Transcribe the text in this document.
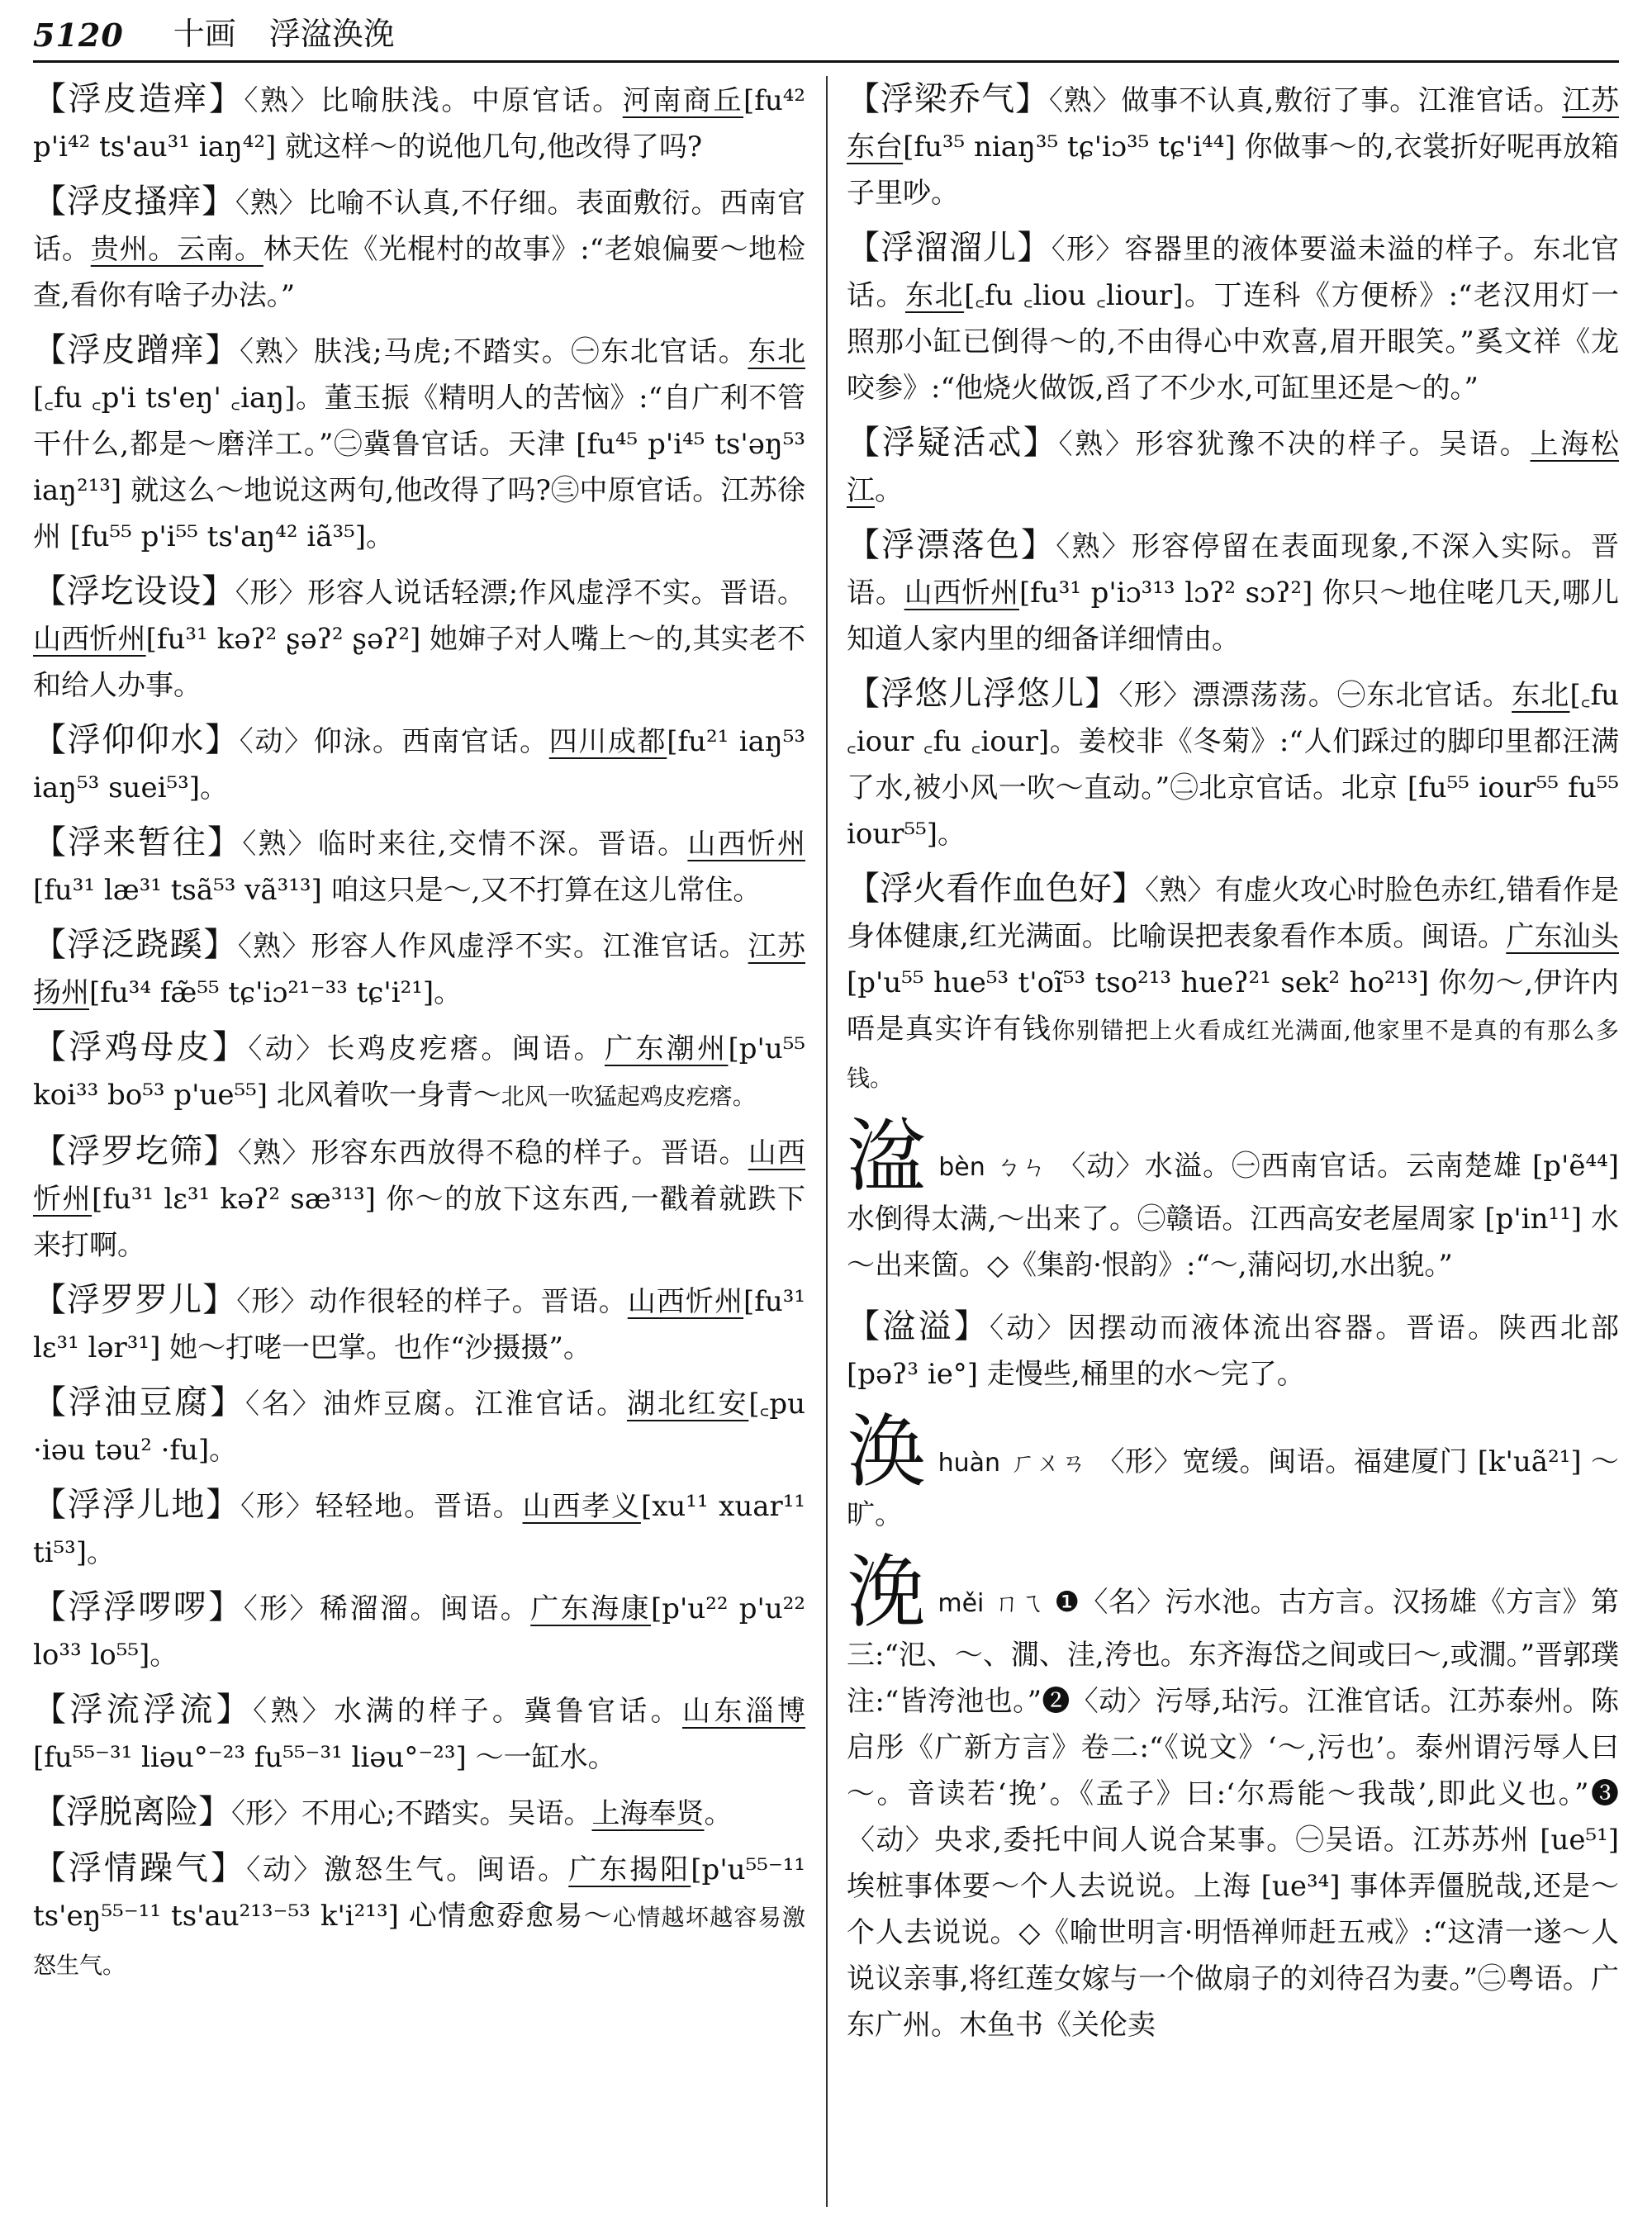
5120 十画 浮湓涣浼
【浮皮造痒】〈熟〉比喻肤浅。中原官话。河南商丘[fu⁴² p'i⁴² ts'au³¹ iaŋ⁴²] 就这样～的说他几句,他改得了吗?
【浮皮搔痒】〈熟〉比喻不认真,不仔细。表面敷衍。西南官话。贵州。云南。林天佐《光棍村的故事》:“老娘偏要～地检查,看你有啥子办法。”
【浮皮蹭痒】〈熟〉肤浅;马虎;不踏实。㊀东北官话。东北[꜀fu ꜀p'i ts'eŋ' ꜀iaŋ]。董玉振《精明人的苦恼》:“自广利不管干什么,都是～磨洋工。”㊁冀鲁官话。天津 [fu⁴⁵ p'i⁴⁵ ts'əŋ⁵³ iaŋ²¹³] 就这么～地说这两句,他改得了吗?㊂中原官话。江苏徐州 [fu⁵⁵ p'i⁵⁵ ts'aŋ⁴² iã³⁵]。
【浮圪设设】〈形〉形容人说话轻漂;作风虚浮不实。晋语。山西忻州[fu³¹ kəʔ² ʂəʔ² ʂəʔ²] 她婶子对人嘴上～的,其实老不和给人办事。
【浮仰仰水】〈动〉仰泳。西南官话。四川成都[fu²¹ iaŋ⁵³ iaŋ⁵³ suei⁵³]。
【浮来暂往】〈熟〉临时来往,交情不深。晋语。山西忻州[fu³¹ læ³¹ tsã⁵³ vã³¹³] 咱这只是～,又不打算在这儿常住。
【浮泛跷蹊】〈熟〉形容人作风虚浮不实。江淮官话。江苏扬州[fu³⁴ fæ̃⁵⁵ tɕ'iɔ²¹⁻³³ tɕ'i²¹]。
【浮鸡母皮】〈动〉长鸡皮疙瘩。闽语。广东潮州[p'u⁵⁵ koi³³ bo⁵³ p'ue⁵⁵] 北风着吹一身青～北风一吹猛起鸡皮疙瘩。
【浮罗圪筛】〈熟〉形容东西放得不稳的样子。晋语。山西忻州[fu³¹ lɛ³¹ kəʔ² sæ³¹³] 你～的放下这东西,一戳着就跌下来打啊。
【浮罗罗儿】〈形〉动作很轻的样子。晋语。山西忻州[fu³¹ lɛ³¹ lər³¹] 她～打咾一巴掌。也作“沙摄摄”。
【浮油豆腐】〈名〉油炸豆腐。江淮官话。湖北红安[꜀pu ·iəu təu² ·fu]。
【浮浮儿地】〈形〉轻轻地。晋语。山西孝义[xu¹¹ xuar¹¹ ti⁵³]。
【浮浮啰啰】〈形〉稀溜溜。闽语。广东海康[p'u²² p'u²² lo³³ lo⁵⁵]。
【浮流浮流】〈熟〉水满的样子。冀鲁官话。山东淄博[fu⁵⁵⁻³¹ liəu°⁻²³ fu⁵⁵⁻³¹ liəu°⁻²³] ～一缸水。
【浮脱离险】〈形〉不用心;不踏实。吴语。上海奉贤。
【浮情躁气】〈动〉激怒生气。闽语。广东揭阳[p'u⁵⁵⁻¹¹ ts'eŋ⁵⁵⁻¹¹ ts'au²¹³⁻⁵³ k'i²¹³] 心情愈孬愈易～心情越坏越容易激怒生气。
【浮梁乔气】〈熟〉做事不认真,敷衍了事。江淮官话。江苏东台[fu³⁵ niaŋ³⁵ tɕ'iɔ³⁵ tɕ'i⁴⁴] 你做事～的,衣裳折好呢再放箱子里吵。
【浮溜溜儿】〈形〉容器里的液体要溢未溢的样子。东北官话。东北[꜀fu ꜀liou ꜀liour]。丁连科《方便桥》:“老汉用灯一照那小缸已倒得～的,不由得心中欢喜,眉开眼笑。”奚文祥《龙咬参》:“他烧火做饭,舀了不少水,可缸里还是～的。”
【浮疑活忒】〈熟〉形容犹豫不决的样子。吴语。上海松江。
【浮漂落色】〈熟〉形容停留在表面现象,不深入实际。晋语。山西忻州[fu³¹ p'iɔ³¹³ lɔʔ² sɔʔ²] 你只～地住咾几天,哪儿知道人家内里的细备详细情由。
【浮悠儿浮悠儿】〈形〉漂漂荡荡。㊀东北官话。东北[꜀fu ꜀iour ꜀fu ꜀iour]。姜校非《冬菊》:“人们踩过的脚印里都汪满了水,被小风一吹～直动。”㊁北京官话。北京 [fu⁵⁵ iour⁵⁵ fu⁵⁵ iour⁵⁵]。
【浮火看作血色好】〈熟〉有虚火攻心时脸色赤红,错看作是身体健康,红光满面。比喻误把表象看作本质。闽语。广东汕头[p'u⁵⁵ hue⁵³ t'oĩ⁵³ tso²¹³ hueʔ²¹ sek² ho²¹³] 你勿～,伊许内唔是真实许有钱你别错把上火看成红光满面,他家里不是真的有那么多钱。
湓bèn ㄅㄣ 〈动〉水溢。㊀西南官话。云南楚雄 [p'ẽ⁴⁴] 水倒得太满,～出来了。㊁赣语。江西高安老屋周家 [p'in¹¹] 水～出来箇。◇《集韵·恨韵》:“～,蒲闷切,水出貌。”
【湓溢】〈动〉因摆动而液体流出容器。晋语。陕西北部 [pəʔ³ ie°] 走慢些,桶里的水～完了。
涣huàn ㄏㄨㄢ 〈形〉宽缓。闽语。福建厦门 [k'uã²¹] ～旷。
浼měi ㄇㄟ ❶〈名〉污水池。古方言。汉扬雄《方言》第三:“氾、～、㵎、洼,洿也。东齐海岱之间或曰～,或㵎。”晋郭璞注:“皆洿池也。”❷〈动〉污辱,玷污。江淮官话。江苏泰州。陈启彤《广新方言》卷二:“《说文》‘～,污也’。泰州谓污辱人曰～。音读若‘挽’。《孟子》曰:‘尔焉能～我哉’,即此义也。”❸〈动〉央求,委托中间人说合某事。㊀吴语。江苏苏州 [ue⁵¹] 埃桩事体要～个人去说说。上海 [ue³⁴] 事体弄僵脱哉,还是～个人去说说。◇《喻世明言·明悟禅师赶五戒》:“这清一遂～人说议亲事,将红莲女嫁与一个做扇子的刘待召为妻。”㊁粤语。广东广州。木鱼书《关伦卖
